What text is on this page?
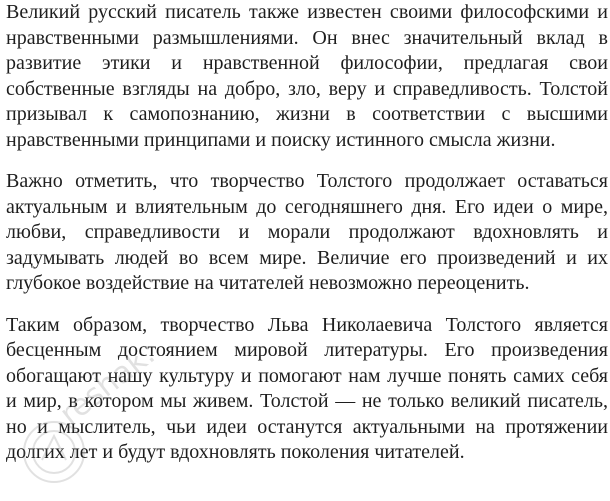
Великий русский писатель также известен своими философскими и нравственными размышлениями. Он внес значительный вклад в развитие этики и нравственной философии, предлагая свои собственные взгляды на добро, зло, веру и справедливость. Толстой призывал к самопознанию, жизни в соответствии с высшими нравственными принципами и поиску истинного смысла жизни.

Важно отметить, что творчество Толстого продолжает оставаться актуальным и влиятельным до сегодняшнего дня. Его идеи о мире, любви, справедливости и морали продолжают вдохновлять и задумывать людей во всем мире. Величие его произведений и их глубокое воздействие на читателей невозможно переоценить.

Таким образом, творчество Льва Николаевича Толстого является бесценным достоянием мировой литературы. Его произведения обогащают нашу культуру и помогают нам лучше понять самих себя и мир, в котором мы живем. Толстой — не только великий писатель, но и мыслитель, чьи идеи останутся актуальными на протяжении долгих лет и будут вдохновлять поколения читателей.

reshak.ru
